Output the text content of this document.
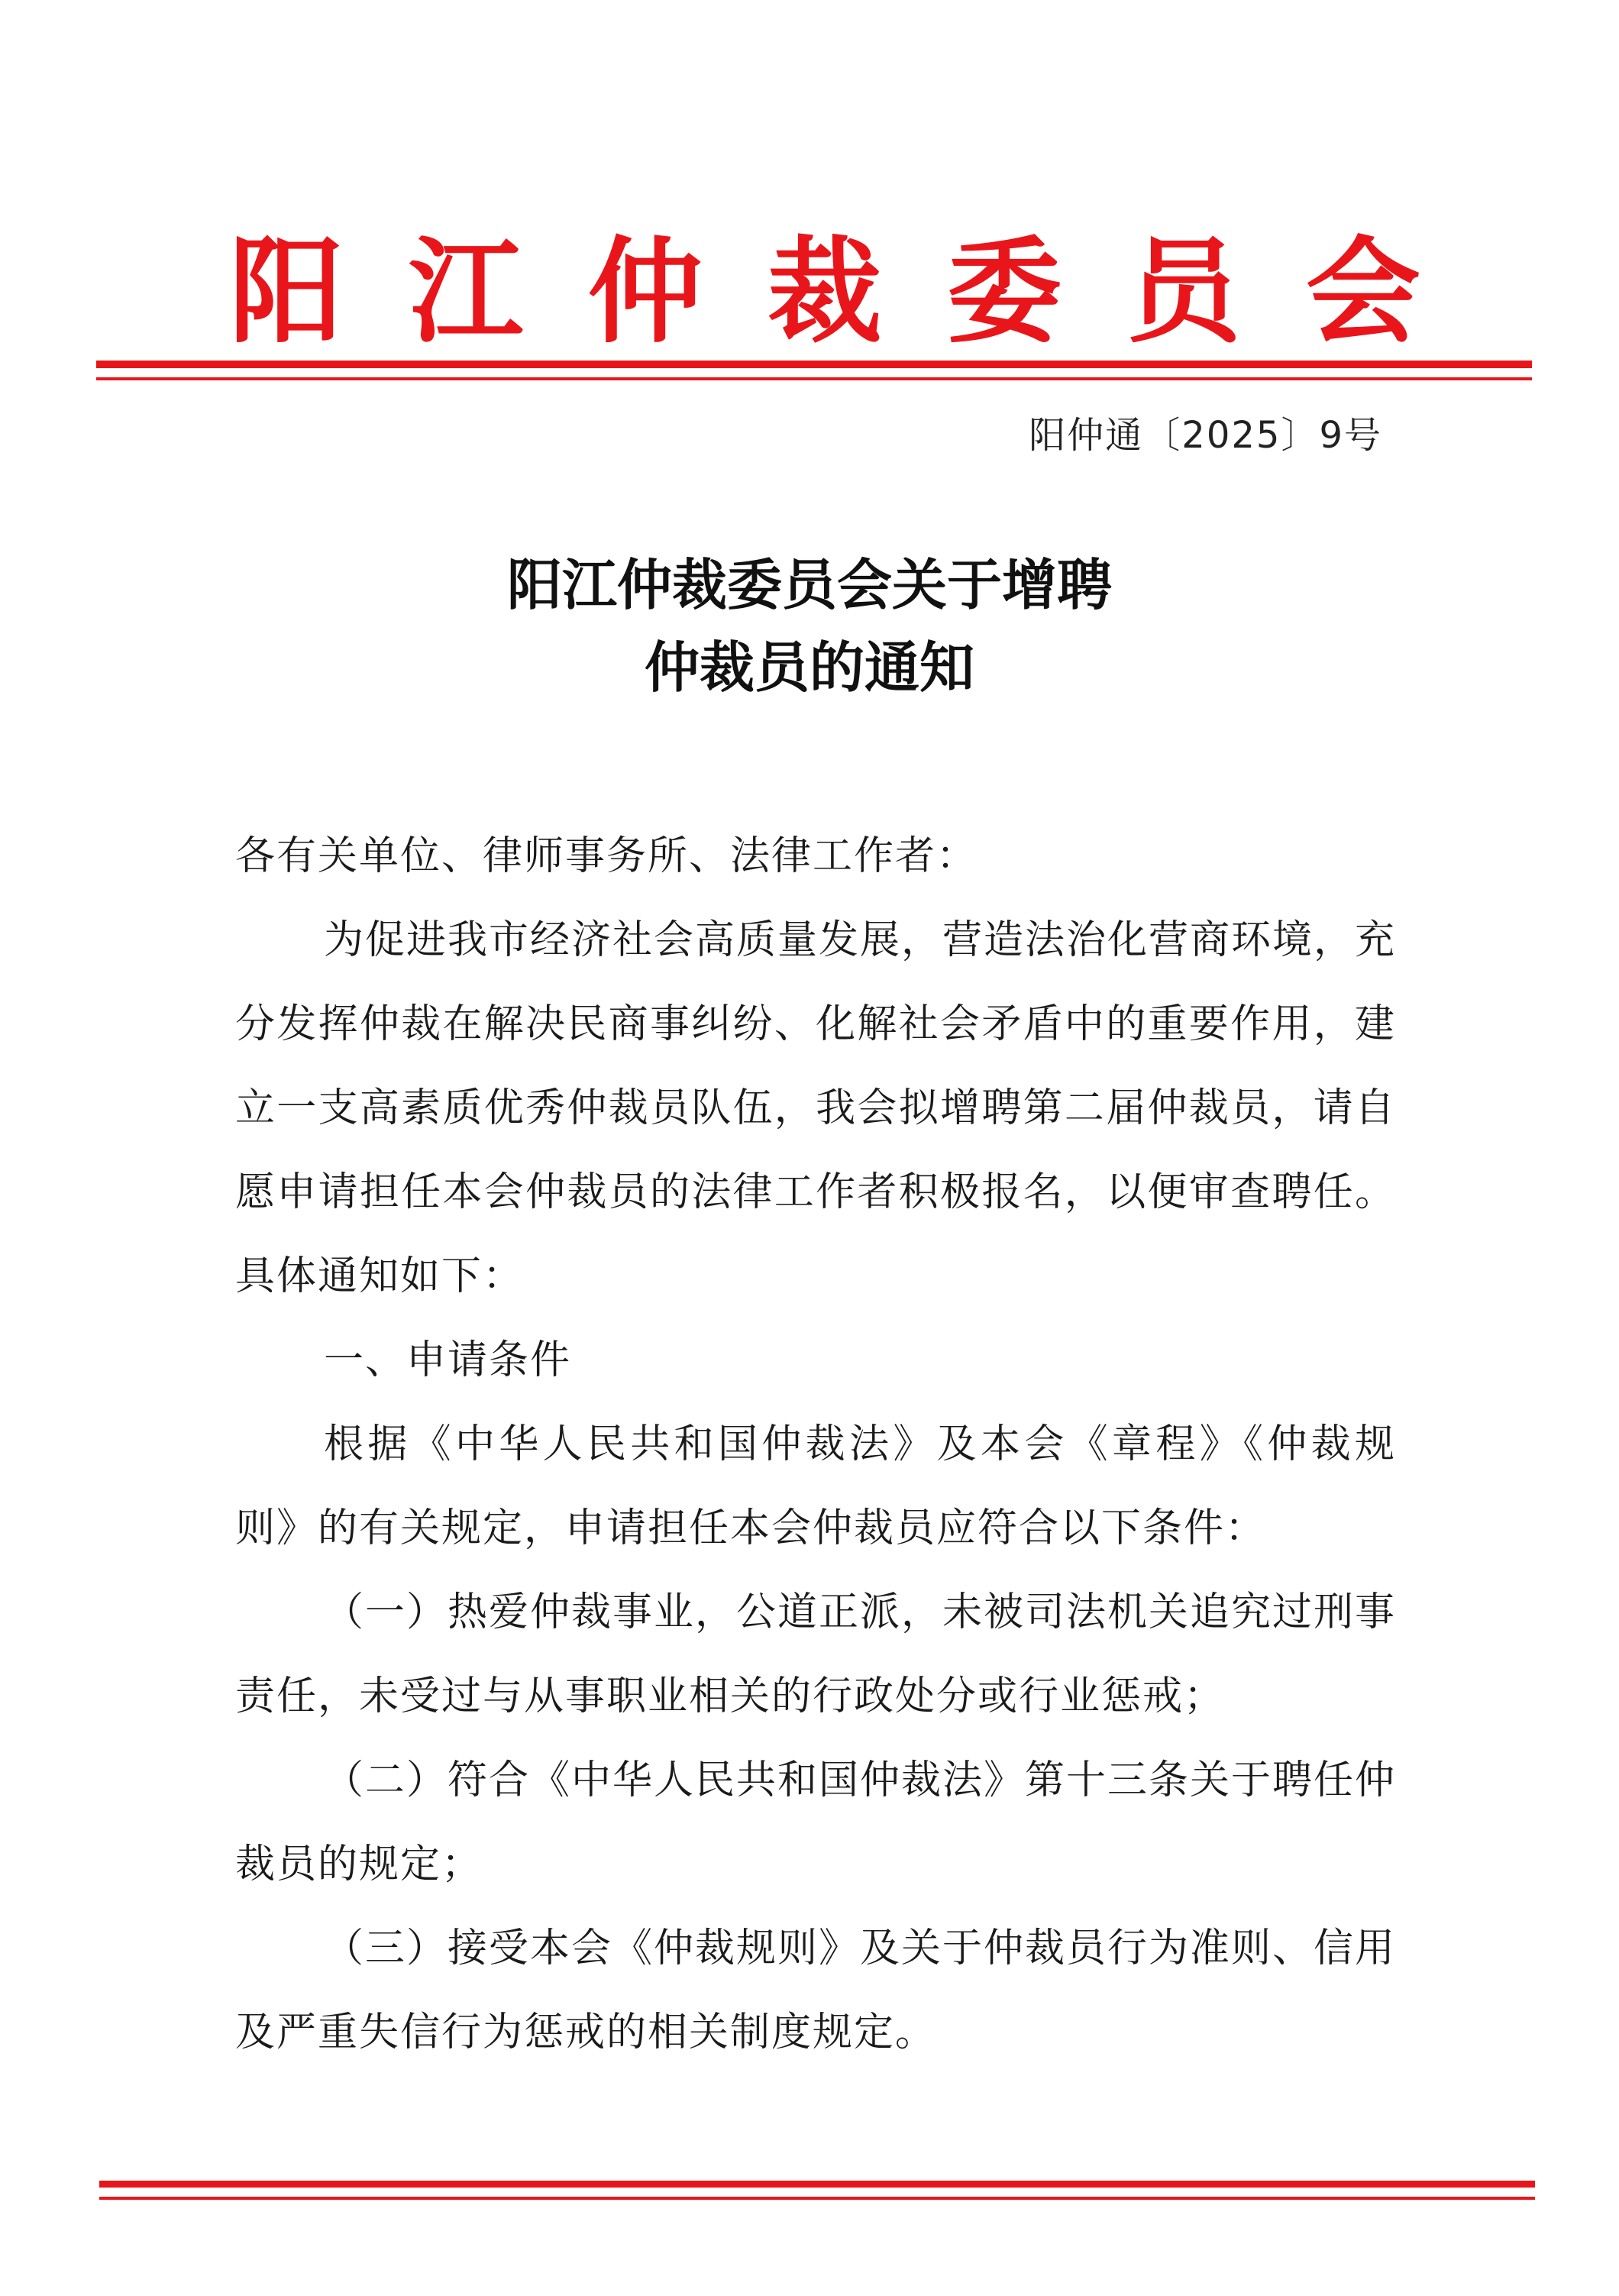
阳 江 仲 裁 委 员 会
阳仲通〔2025〕9号
阳江仲裁委员会关于增聘
仲裁员的通知

各有关单位、律师事务所、法律工作者：

为促进我市经济社会高质量发展，营造法治化营商环境，充分发挥仲裁在解决民商事纠纷、化解社会矛盾中的重要作用，建立一支高素质优秀仲裁员队伍，我会拟增聘第二届仲裁员，请自愿申请担任本会仲裁员的法律工作者积极报名，以便审查聘任。具体通知如下：

一、申请条件

根据《中华人民共和国仲裁法》及本会《章程》《仲裁规则》的有关规定，申请担任本会仲裁员应符合以下条件：

（一）热爱仲裁事业，公道正派，未被司法机关追究过刑事责任，未受过与从事职业相关的行政处分或行业惩戒；

（二）符合《中华人民共和国仲裁法》第十三条关于聘任仲裁员的规定；

（三）接受本会《仲裁规则》及关于仲裁员行为准则、信用及严重失信行为惩戒的相关制度规定。
